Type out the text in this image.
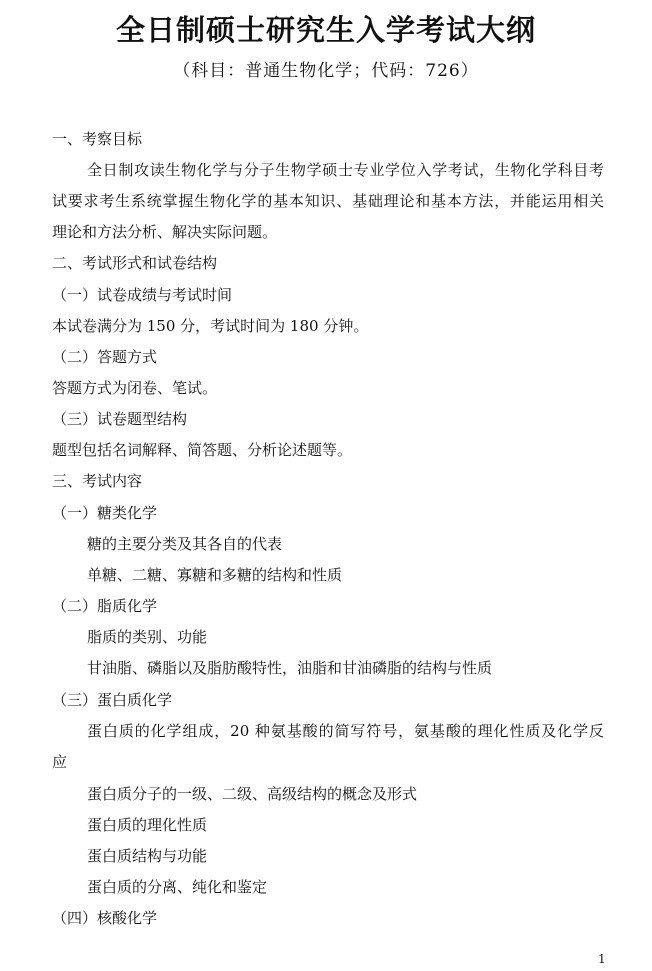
全日制硕士研究生入学考试大纲
（科目：普通生物化学；代码：726）
一、考察目标
全日制攻读生物化学与分子生物学硕士专业学位入学考试，生物化学科目考
试要求考生系统掌握生物化学的基本知识、基础理论和基本方法，并能运用相关
理论和方法分析、解决实际问题。
二、考试形式和试卷结构
（一）试卷成绩与考试时间
本试卷满分为 150 分，考试时间为 180 分钟。
（二）答题方式
答题方式为闭卷、笔试。
（三）试卷题型结构
题型包括名词解释、简答题、分析论述题等。
三、考试内容
（一）糖类化学
糖的主要分类及其各自的代表
单糖、二糖、寡糖和多糖的结构和性质
（二）脂质化学
脂质的类别、功能
甘油脂、磷脂以及脂肪酸特性，油脂和甘油磷脂的结构与性质
（三）蛋白质化学
蛋白质的化学组成，20 种氨基酸的简写符号，氨基酸的理化性质及化学反
应
蛋白质分子的一级、二级、高级结构的概念及形式
蛋白质的理化性质
蛋白质结构与功能
蛋白质的分离、纯化和鉴定
（四）核酸化学
1
